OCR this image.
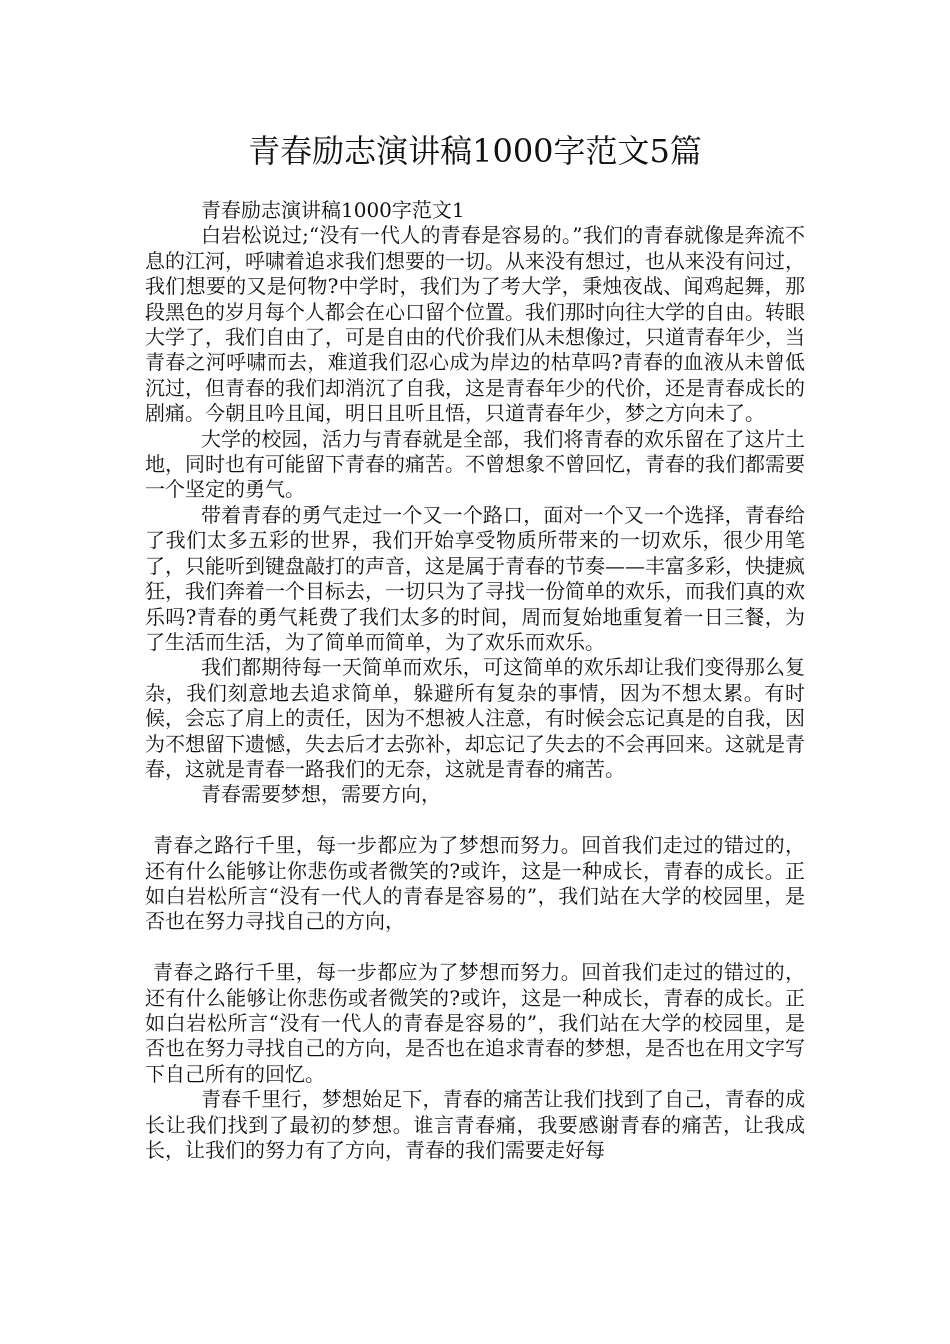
青春励志演讲稿1000字范文5篇

青春励志演讲稿1000字范文1

白岩松说过;“没有一代人的青春是容易的。”我们的青春就像是奔流不息的江河，呼啸着追求我们想要的一切。从来没有想过，也从来没有问过，我们想要的又是何物?中学时，我们为了考大学，秉烛夜战、闻鸡起舞，那段黑色的岁月每个人都会在心口留个位置。我们那时向往大学的自由。转眼大学了，我们自由了，可是自由的代价我们从未想像过，只道青春年少，当青春之河呼啸而去，难道我们忍心成为岸边的枯草吗?青春的血液从未曾低沉过，但青春的我们却消沉了自我，这是青春年少的代价，还是青春成长的剧痛。今朝且吟且闻，明日且听且悟，只道青春年少，梦之方向未了。

大学的校园，活力与青春就是全部，我们将青春的欢乐留在了这片土地，同时也有可能留下青春的痛苦。不曾想象不曾回忆，青春的我们都需要一个坚定的勇气。

带着青春的勇气走过一个又一个路口，面对一个又一个选择，青春给了我们太多五彩的世界，我们开始享受物质所带来的一切欢乐，很少用笔了，只能听到键盘敲打的声音，这是属于青春的节奏——丰富多彩，快捷疯狂，我们奔着一个目标去，一切只为了寻找一份简单的欢乐，而我们真的欢乐吗?青春的勇气耗费了我们太多的时间，周而复始地重复着一日三餐，为了生活而生活，为了简单而简单，为了欢乐而欢乐。

我们都期待每一天简单而欢乐，可这简单的欢乐却让我们变得那么复杂，我们刻意地去追求简单，躲避所有复杂的事情，因为不想太累。有时候，会忘了肩上的责任，因为不想被人注意，有时候会忘记真是的自我，因为不想留下遗憾，失去后才去弥补，却忘记了失去的不会再回来。这就是青春，这就是青春一路我们的无奈，这就是青春的痛苦。

青春需要梦想，需要方向，

青春之路行千里，每一步都应为了梦想而努力。回首我们走过的错过的，还有什么能够让你悲伤或者微笑的?或许，这是一种成长，青春的成长。正如白岩松所言“没有一代人的青春是容易的”，我们站在大学的校园里，是否也在努力寻找自己的方向，

青春之路行千里，每一步都应为了梦想而努力。回首我们走过的错过的，还有什么能够让你悲伤或者微笑的?或许，这是一种成长，青春的成长。正如白岩松所言“没有一代人的青春是容易的”，我们站在大学的校园里，是否也在努力寻找自己的方向，是否也在追求青春的梦想，是否也在用文字写下自己所有的回忆。

青春千里行，梦想始足下，青春的痛苦让我们找到了自己，青春的成长让我们找到了最初的梦想。谁言青春痛，我要感谢青春的痛苦，让我成长，让我们的努力有了方向，青春的我们需要走好每
